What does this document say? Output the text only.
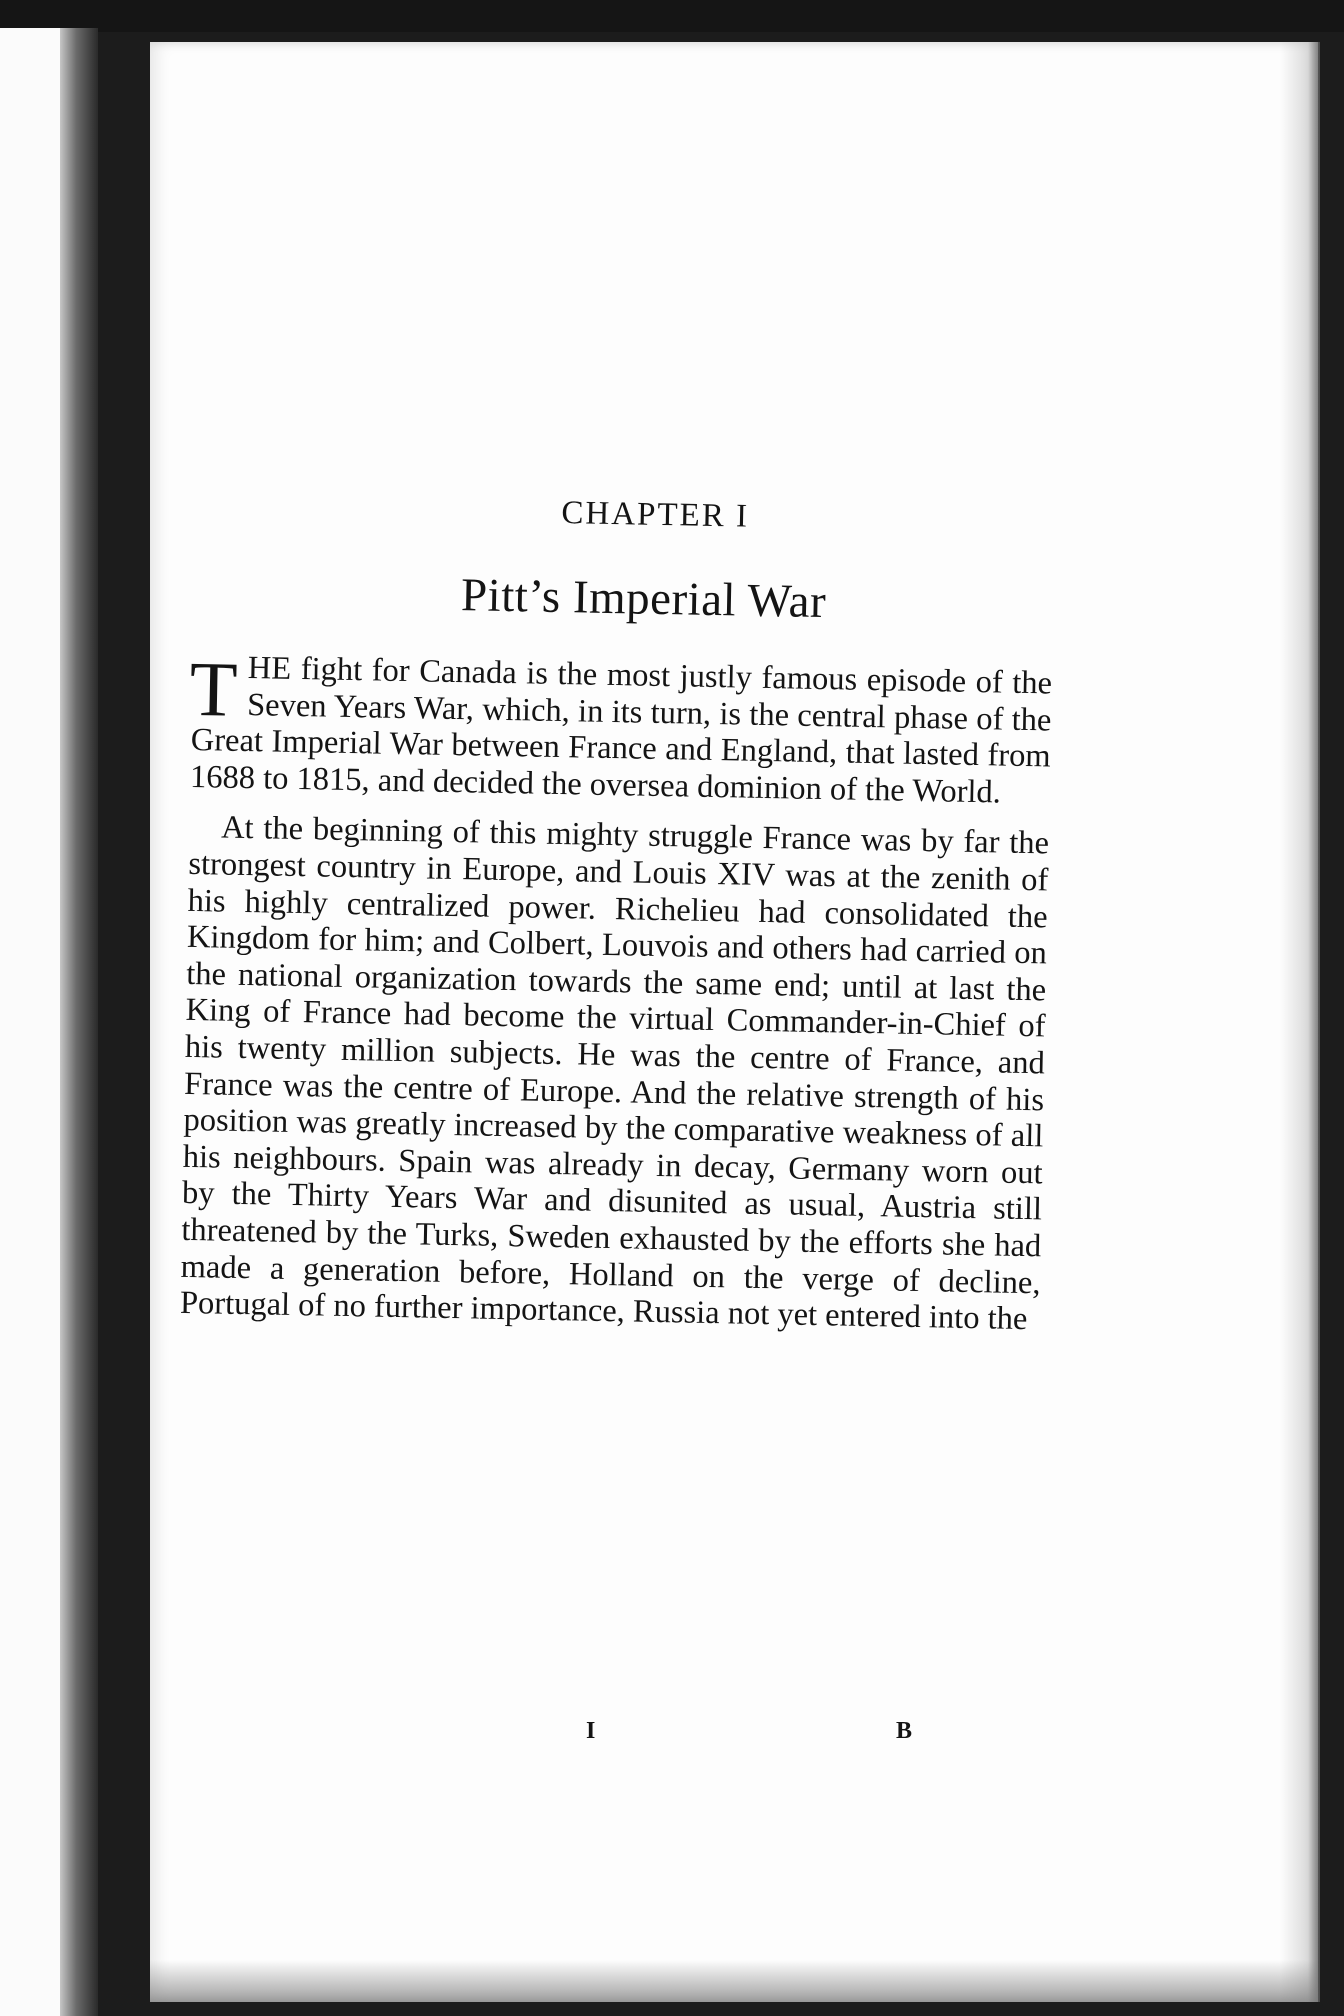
CHAPTER I
Pitt’s Imperial War

THE fight for Canada is the most justly famous episode of the Seven Years War, which, in its turn, is the central phase of the Great Imperial War between France and England, that lasted from 1688 to 1815, and decided the oversea dominion of the World.

At the beginning of this mighty struggle France was by far the strongest country in Europe, and Louis XIV was at the zenith of his highly centralized power. Richelieu had consolidated the Kingdom for him; and Colbert, Louvois and others had carried on the national organization towards the same end; until at last the King of France had become the virtual Commander-in-Chief of his twenty million subjects. He was the centre of France, and France was the centre of Europe. And the relative strength of his position was greatly increased by the comparative weakness of all his neighbours. Spain was already in decay, Germany worn out by the Thirty Years War and disunited as usual, Austria still threatened by the Turks, Sweden exhausted by the efforts she had made a generation before, Holland on the verge of decline, Portugal of no further importance, Russia not yet entered into the

I	B
